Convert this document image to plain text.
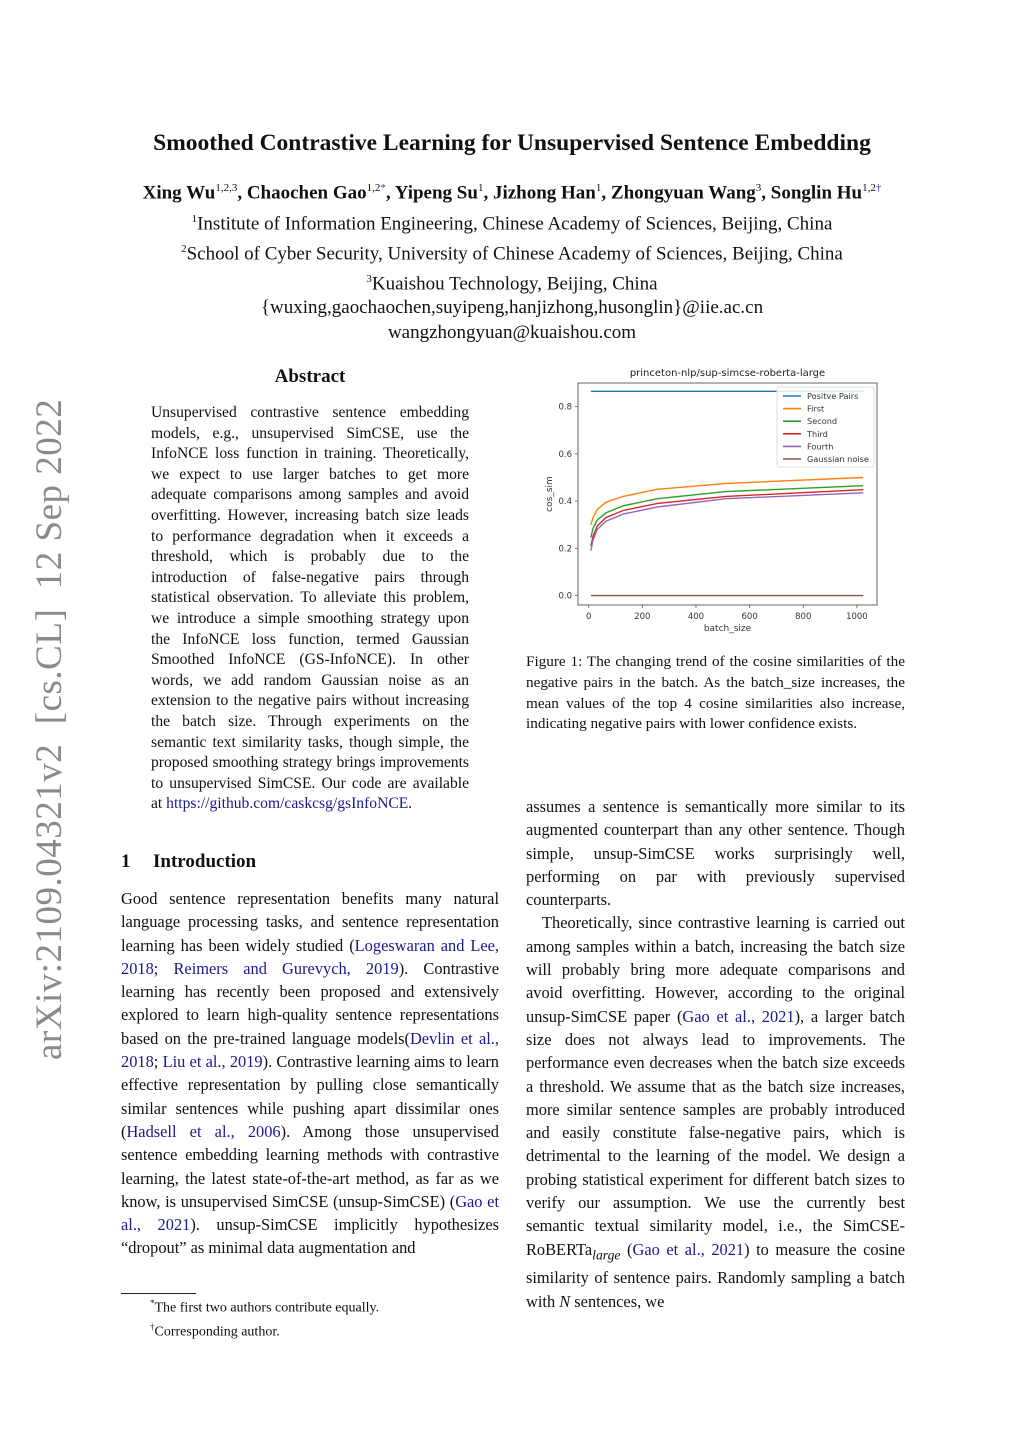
arXiv:2109.04321v2  [cs.CL]  12 Sep 2022
Smoothed Contrastive Learning for Unsupervised Sentence Embedding
Xing Wu$^{1,2,3}$, Chaochen Gao$^{1,2*}$, Yipeng Su$^1$, Jizhong Han$^1$, Zhongyuan Wang$^3$, Songlin $Hu^{1,2\dagger}$
$^1$Institute of Information Engineering, Chinese Academy of Sciences, Beijing, China
$^2$School of Cyber Security, University of Chinese Academy of Sciences, Beijing, China
$^3$Kuaishou Technology, Beijing, China
{wuxing,gaochaochen,suyipeng,hanjizhong,husonglin}@iie.ac.cn
wangzhongyuan@kuaishou.com
Abstract
Unsupervised contrastive sentence embedding models, e.g., unsupervised SimCSE, use the InfoNCE loss function in training. Theoretically, we expect to use larger batches to get more adequate comparisons among samples and avoid overfitting. However, increasing batch size leads to performance degradation when it exceeds a threshold, which is probably due to the introduction of false-negative pairs through statistical observation. To alleviate this problem, we introduce a simple smoothing strategy upon the InfoNCE loss function, termed Gaussian Smoothed InfoNCE (GS-InfoNCE). In other words, we add random Gaussian noise as an extension to the negative pairs without increasing the batch size. Through experiments on the semantic text similarity tasks, though simple, the proposed smoothing strategy brings improvements to unsupervised SimCSE. Our code are available at https://github.com/caskcsg/gsInfoNCE.
1 Introduction
Good sentence representation benefits many natural language processing tasks, and sentence representation learning has been widely studied (Logeswaran and Lee, 2018; Reimers and Gurevych, 2019). Contrastive learning has recently been proposed and extensively explored to learn high-quality sentence representations based on the pre-trained language models(Devlin et al., 2018; Liu et al., 2019). Contrastive learning aims to learn effective representation by pulling close semantically similar sentences while pushing apart dissimilar ones (Hadsell et al., 2006). Among those unsupervised sentence embedding learning methods with contrastive learning, the latest state-of-the-art method, as far as we know, is unsupervised SimCSE (unsup-SimCSE) (Gao et al., 2021). unsup-SimCSE implicitly hypothesizes “dropout” as minimal data augmentation and
*The first two authors contribute equally.
†Corresponding author.
princeton-nlp/sup-simcse-roberta-large
0	200	400	600	800	1000
0.0
0.2
0.4
0.6
0.8
batch_size
cos_sim
Positve Pairs
First
Second
Third
Fourth
Gaussian noise
Figure 1: The changing trend of the cosine similarities of the negative pairs in the batch. As the batch_size increases, the mean values of the top 4 cosine similarities also increase, indicating negative pairs with lower confidence exists.

assumes a sentence is semantically more similar to its augmented counterpart than any other sentence. Though simple, unsup-SimCSE works surprisingly well, performing on par with previously supervised counterparts.

Theoretically, since contrastive learning is carried out among samples within a batch, increasing the batch size will probably bring more adequate comparisons and avoid overfitting. However, according to the original unsup-SimCSE paper (Gao et al., 2021), a larger batch size does not always lead to improvements. The performance even decreases when the batch size exceeds a threshold. We assume that as the batch size increases, more similar sentence samples are probably introduced and easily constitute false-negative pairs, which is detrimental to the learning of the model. We design a probing statistical experiment for different batch sizes to verify our assumption. We use the currently best semantic textual similarity model, i.e., the SimCSE-RoBERTa$_{large}$ (Gao et al., 2021) to measure the cosine similarity of sentence pairs. Randomly sampling a batch with N sentences, we
